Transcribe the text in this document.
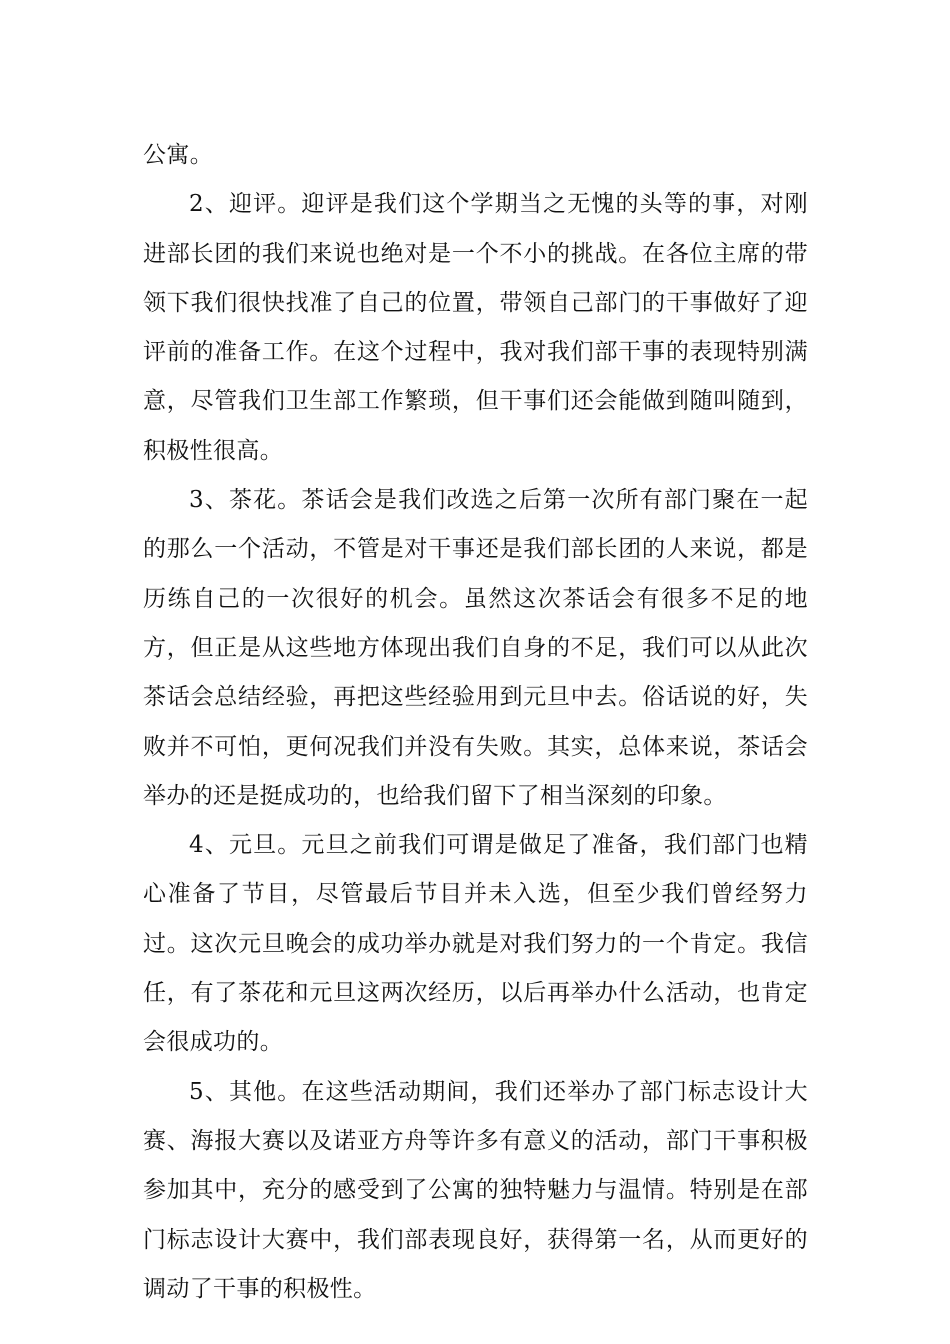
公寓。

2、迎评。迎评是我们这个学期当之无愧的头等的事，对刚进部长团的我们来说也绝对是一个不小的挑战。在各位主席的带领下我们很快找准了自己的位置，带领自己部门的干事做好了迎评前的准备工作。在这个过程中，我对我们部干事的表现特别满意，尽管我们卫生部工作繁琐，但干事们还会能做到随叫随到，积极性很高。

3、茶花。茶话会是我们改选之后第一次所有部门聚在一起的那么一个活动，不管是对干事还是我们部长团的人来说，都是历练自己的一次很好的机会。虽然这次茶话会有很多不足的地方，但正是从这些地方体现出我们自身的不足，我们可以从此次茶话会总结经验，再把这些经验用到元旦中去。俗话说的好，失败并不可怕，更何况我们并没有失败。其实，总体来说，茶话会举办的还是挺成功的，也给我们留下了相当深刻的印象。

4、元旦。元旦之前我们可谓是做足了准备，我们部门也精心准备了节目，尽管最后节目并未入选，但至少我们曾经努力过。这次元旦晚会的成功举办就是对我们努力的一个肯定。我信任，有了茶花和元旦这两次经历，以后再举办什么活动，也肯定会很成功的。

5、其他。在这些活动期间，我们还举办了部门标志设计大赛、海报大赛以及诺亚方舟等许多有意义的活动，部门干事积极参加其中，充分的感受到了公寓的独特魅力与温情。特别是在部门标志设计大赛中，我们部表现良好，获得第一名，从而更好的调动了干事的积极性。
